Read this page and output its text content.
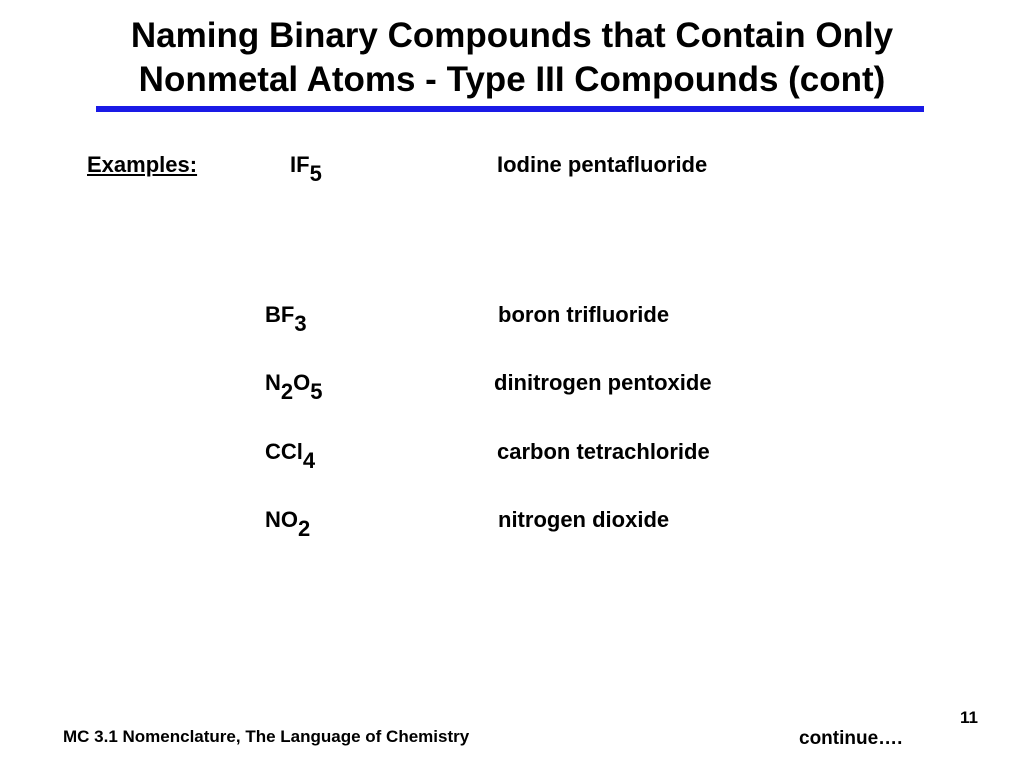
Naming Binary Compounds that Contain Only
Nonmetal Atoms - Type III Compounds (cont)
Examples:	IF5	Iodine pentafluoride
BF3	boron trifluoride
N2O5	dinitrogen pentoxide
CCl4	carbon tetrachloride
NO2	nitrogen dioxide
MC 3.1 Nomenclature, The Language of Chemistry
11
continue….
